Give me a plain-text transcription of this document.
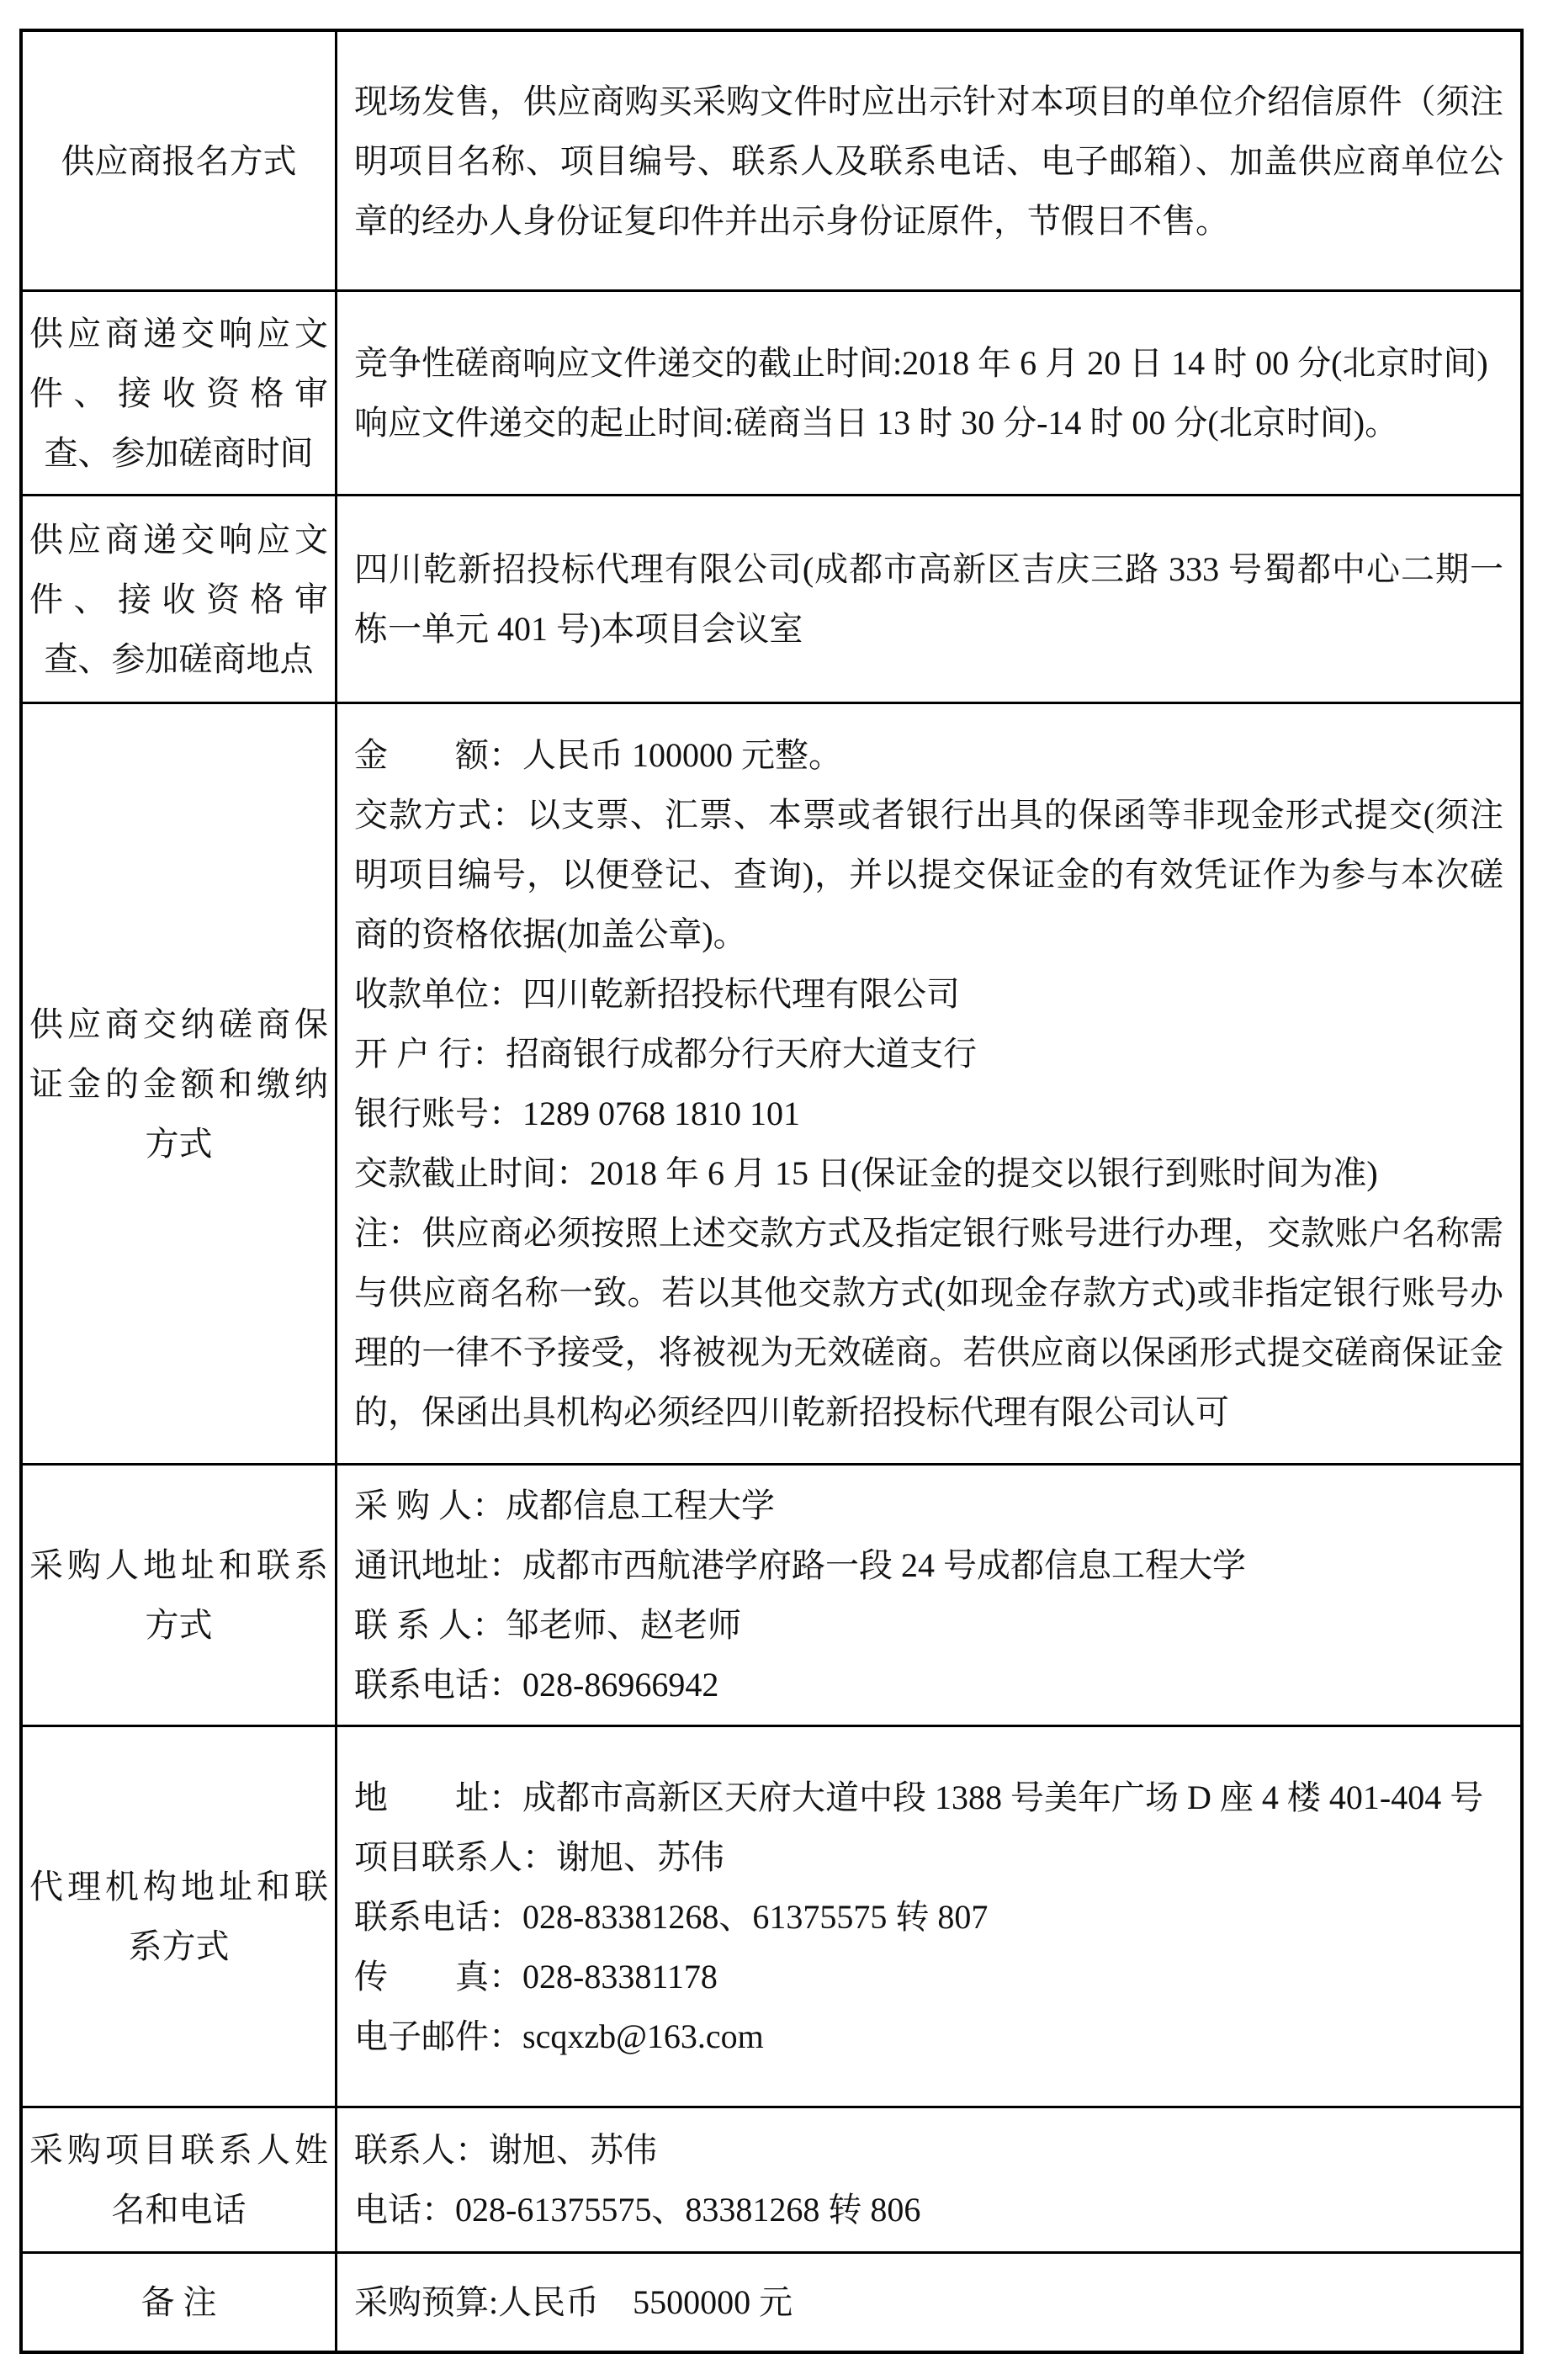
供应商报名方式

现场发售，供应商购买采购文件时应出示针对本项目的单位介绍信原件（须注明项目名称、项目编号、联系人及联系电话、电子邮箱）、加盖供应商单位公章的经办人身份证复印件并出示身份证原件，节假日不售。

供应商递交响应文件、接收资格审查、参加磋商时间

竞争性磋商响应文件递交的截止时间:2018 年 6 月 20 日 14 时 00 分(北京时间)

响应文件递交的起止时间:磋商当日 13 时 30 分-14 时 00 分(北京时间)。

供应商递交响应文件、接收资格审查、参加磋商地点

四川乾新招投标代理有限公司(成都市高新区吉庆三路 333 号蜀都中心二期一栋一单元 401 号)本项目会议室

供应商交纳磋商保证金的金额和缴纳方式

金　　额：人民币 100000 元整。

交款方式：以支票、汇票、本票或者银行出具的保函等非现金形式提交(须注明项目编号，以便登记、查询)，并以提交保证金的有效凭证作为参与本次磋商的资格依据(加盖公章)。

收款单位：四川乾新招投标代理有限公司

开 户 行：招商银行成都分行天府大道支行

银行账号：1289 0768 1810 101

交款截止时间：2018 年 6 月 15 日(保证金的提交以银行到账时间为准)

注：供应商必须按照上述交款方式及指定银行账号进行办理，交款账户名称需与供应商名称一致。若以其他交款方式(如现金存款方式)或非指定银行账号办理的一律不予接受，将被视为无效磋商。若供应商以保函形式提交磋商保证金的，保函出具机构必须经四川乾新招投标代理有限公司认可

采购人地址和联系方式

采 购 人：成都信息工程大学

通讯地址：成都市西航港学府路一段 24 号成都信息工程大学

联 系 人：邹老师、赵老师

联系电话：028-86966942

代理机构地址和联系方式

地　　址：成都市高新区天府大道中段 1388 号美年广场 D 座 4 楼 401-404 号

项目联系人：谢旭、苏伟

联系电话：028-83381268、61375575 转 807

传　　真：028-83381178

电子邮件：scqxzb@163.com

采购项目联系人姓名和电话

联系人：谢旭、苏伟

电话：028-61375575、83381268 转 806

备 注	采购预算:人民币　5500000 元
